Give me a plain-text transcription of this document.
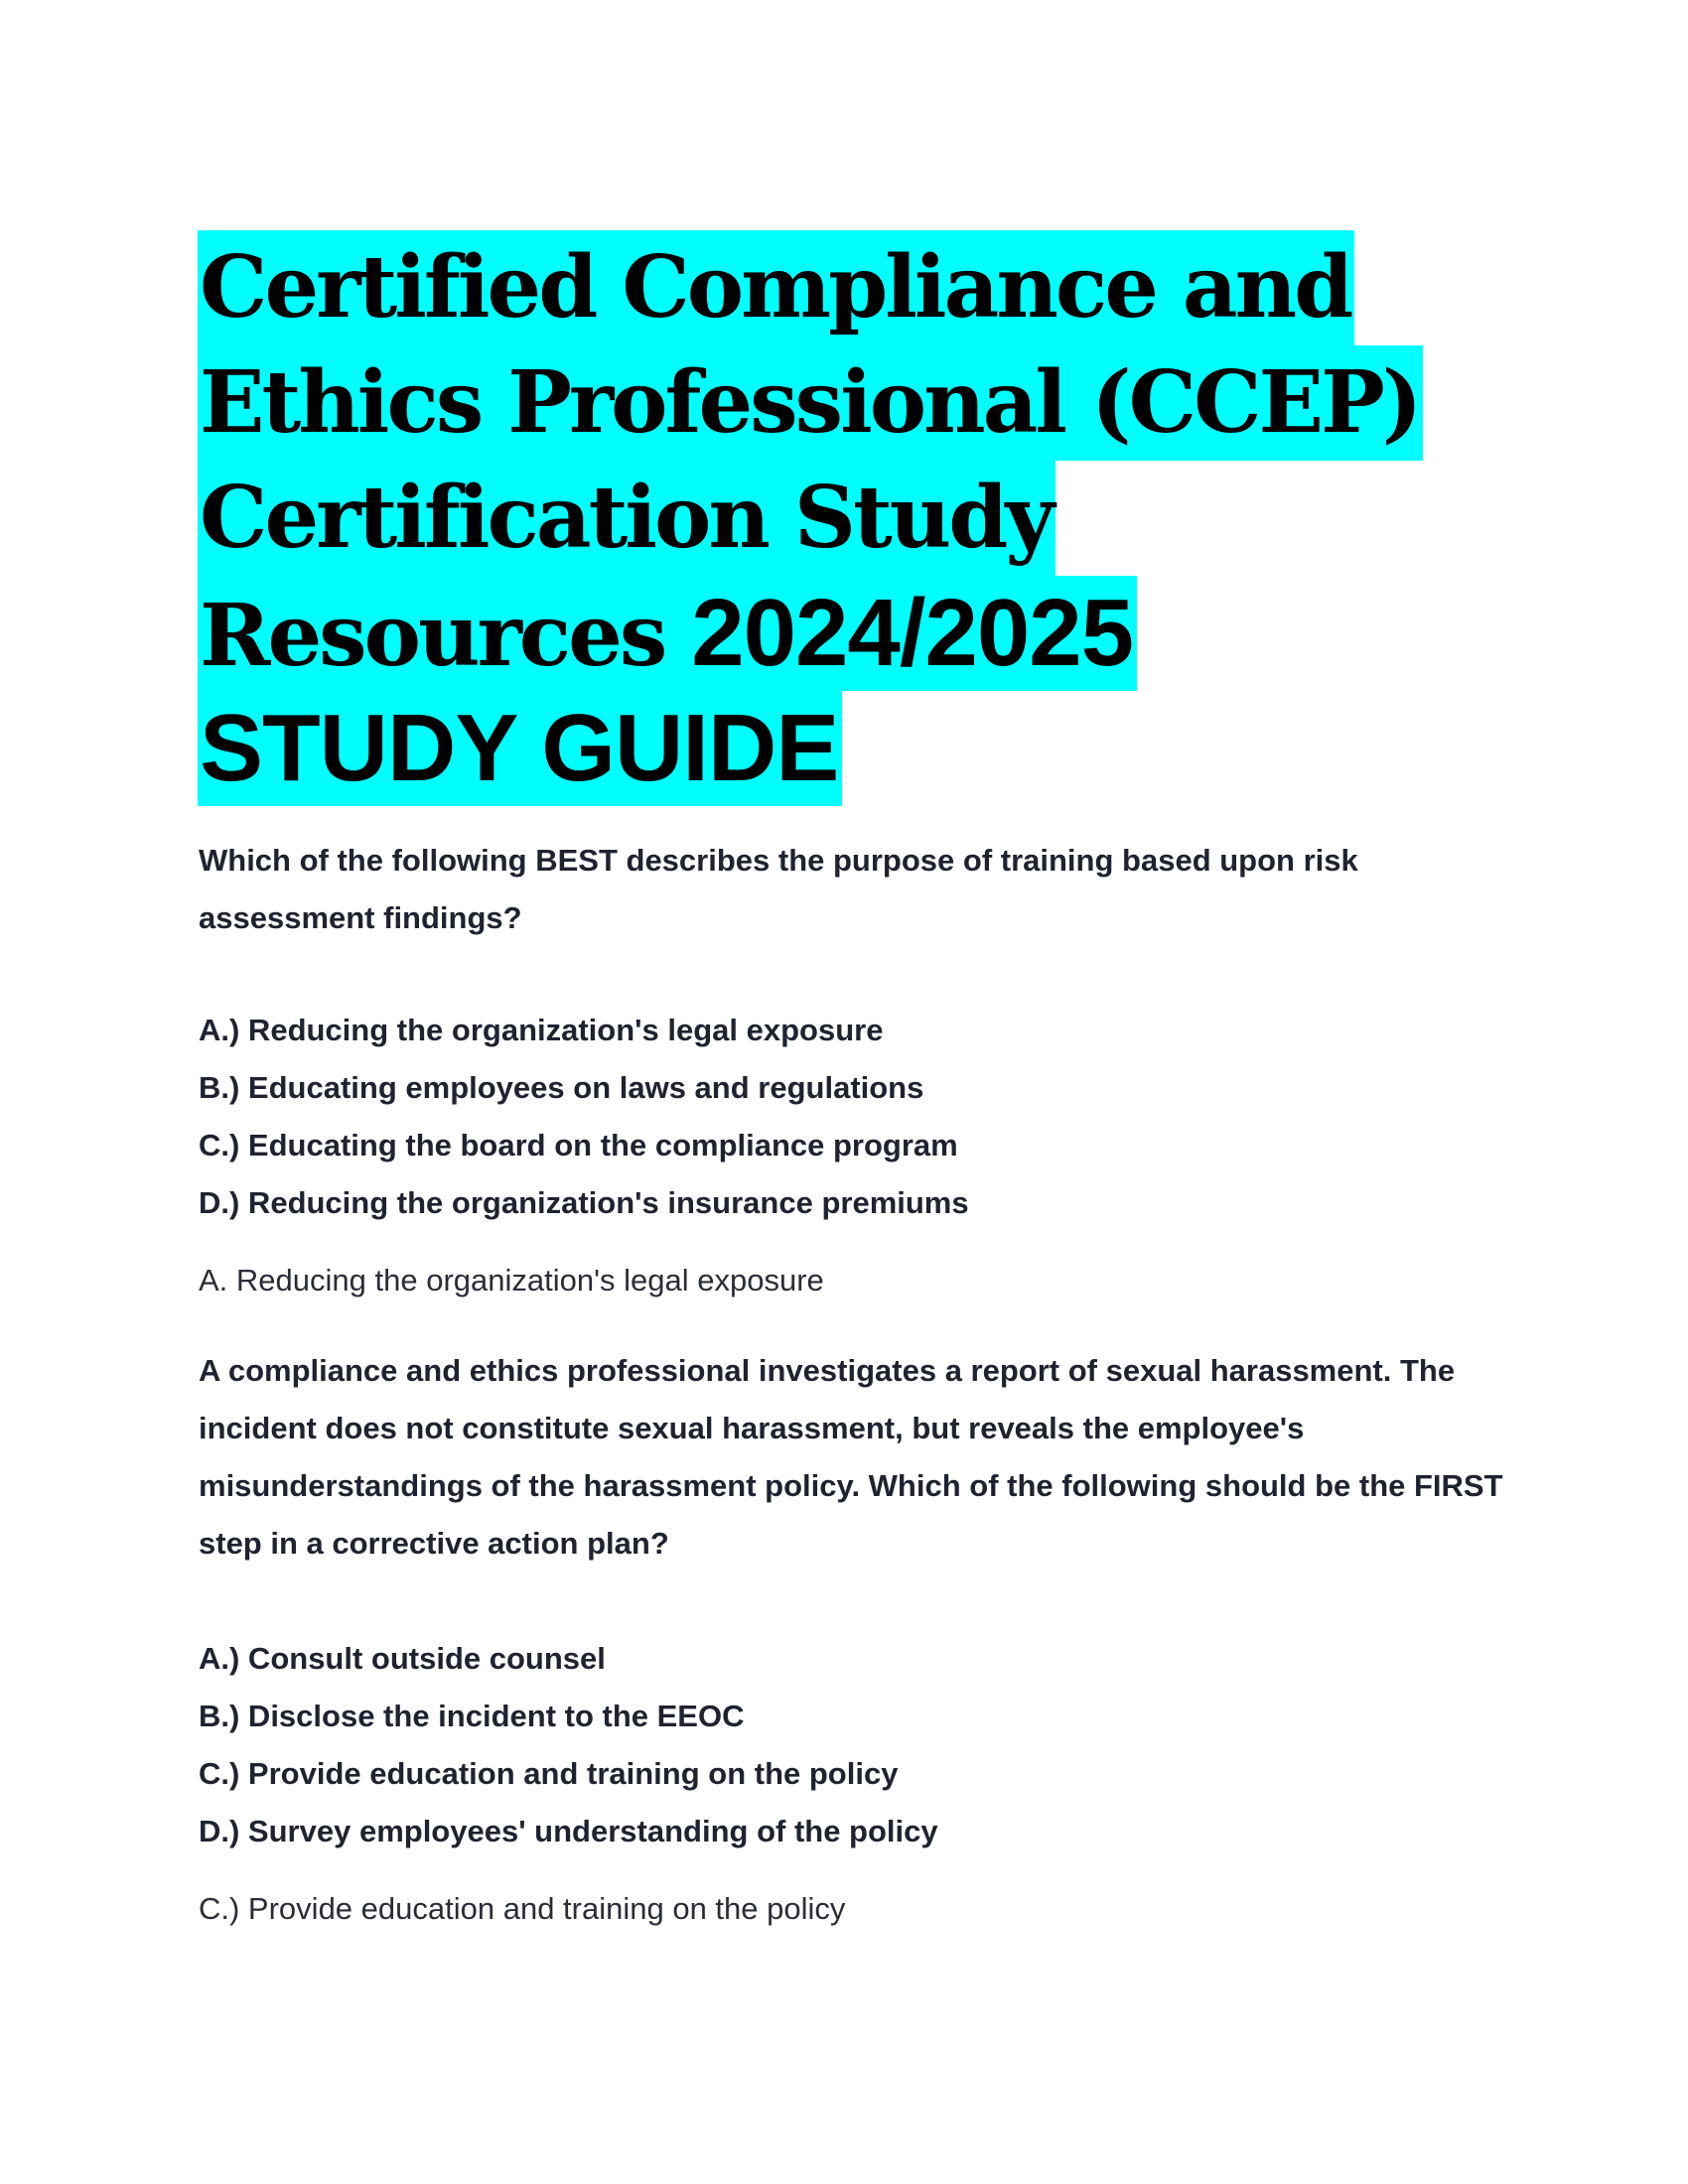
Certified Compliance and
Ethics Professional (CCEP)
Certification Study
Resources 2024/2025
STUDY GUIDE

Which of the following BEST describes the purpose of training based upon risk assessment findings?

A.) Reducing the organization's legal exposure

B.) Educating employees on laws and regulations

C.) Educating the board on the compliance program

D.) Reducing the organization's insurance premiums

A. Reducing the organization's legal exposure

A compliance and ethics professional investigates a report of sexual harassment. The incident does not constitute sexual harassment, but reveals the employee's misunderstandings of the harassment policy. Which of the following should be the FIRST step in a corrective action plan?

A.) Consult outside counsel

B.) Disclose the incident to the EEOC

C.) Provide education and training on the policy

D.) Survey employees' understanding of the policy

C.) Provide education and training on the policy
